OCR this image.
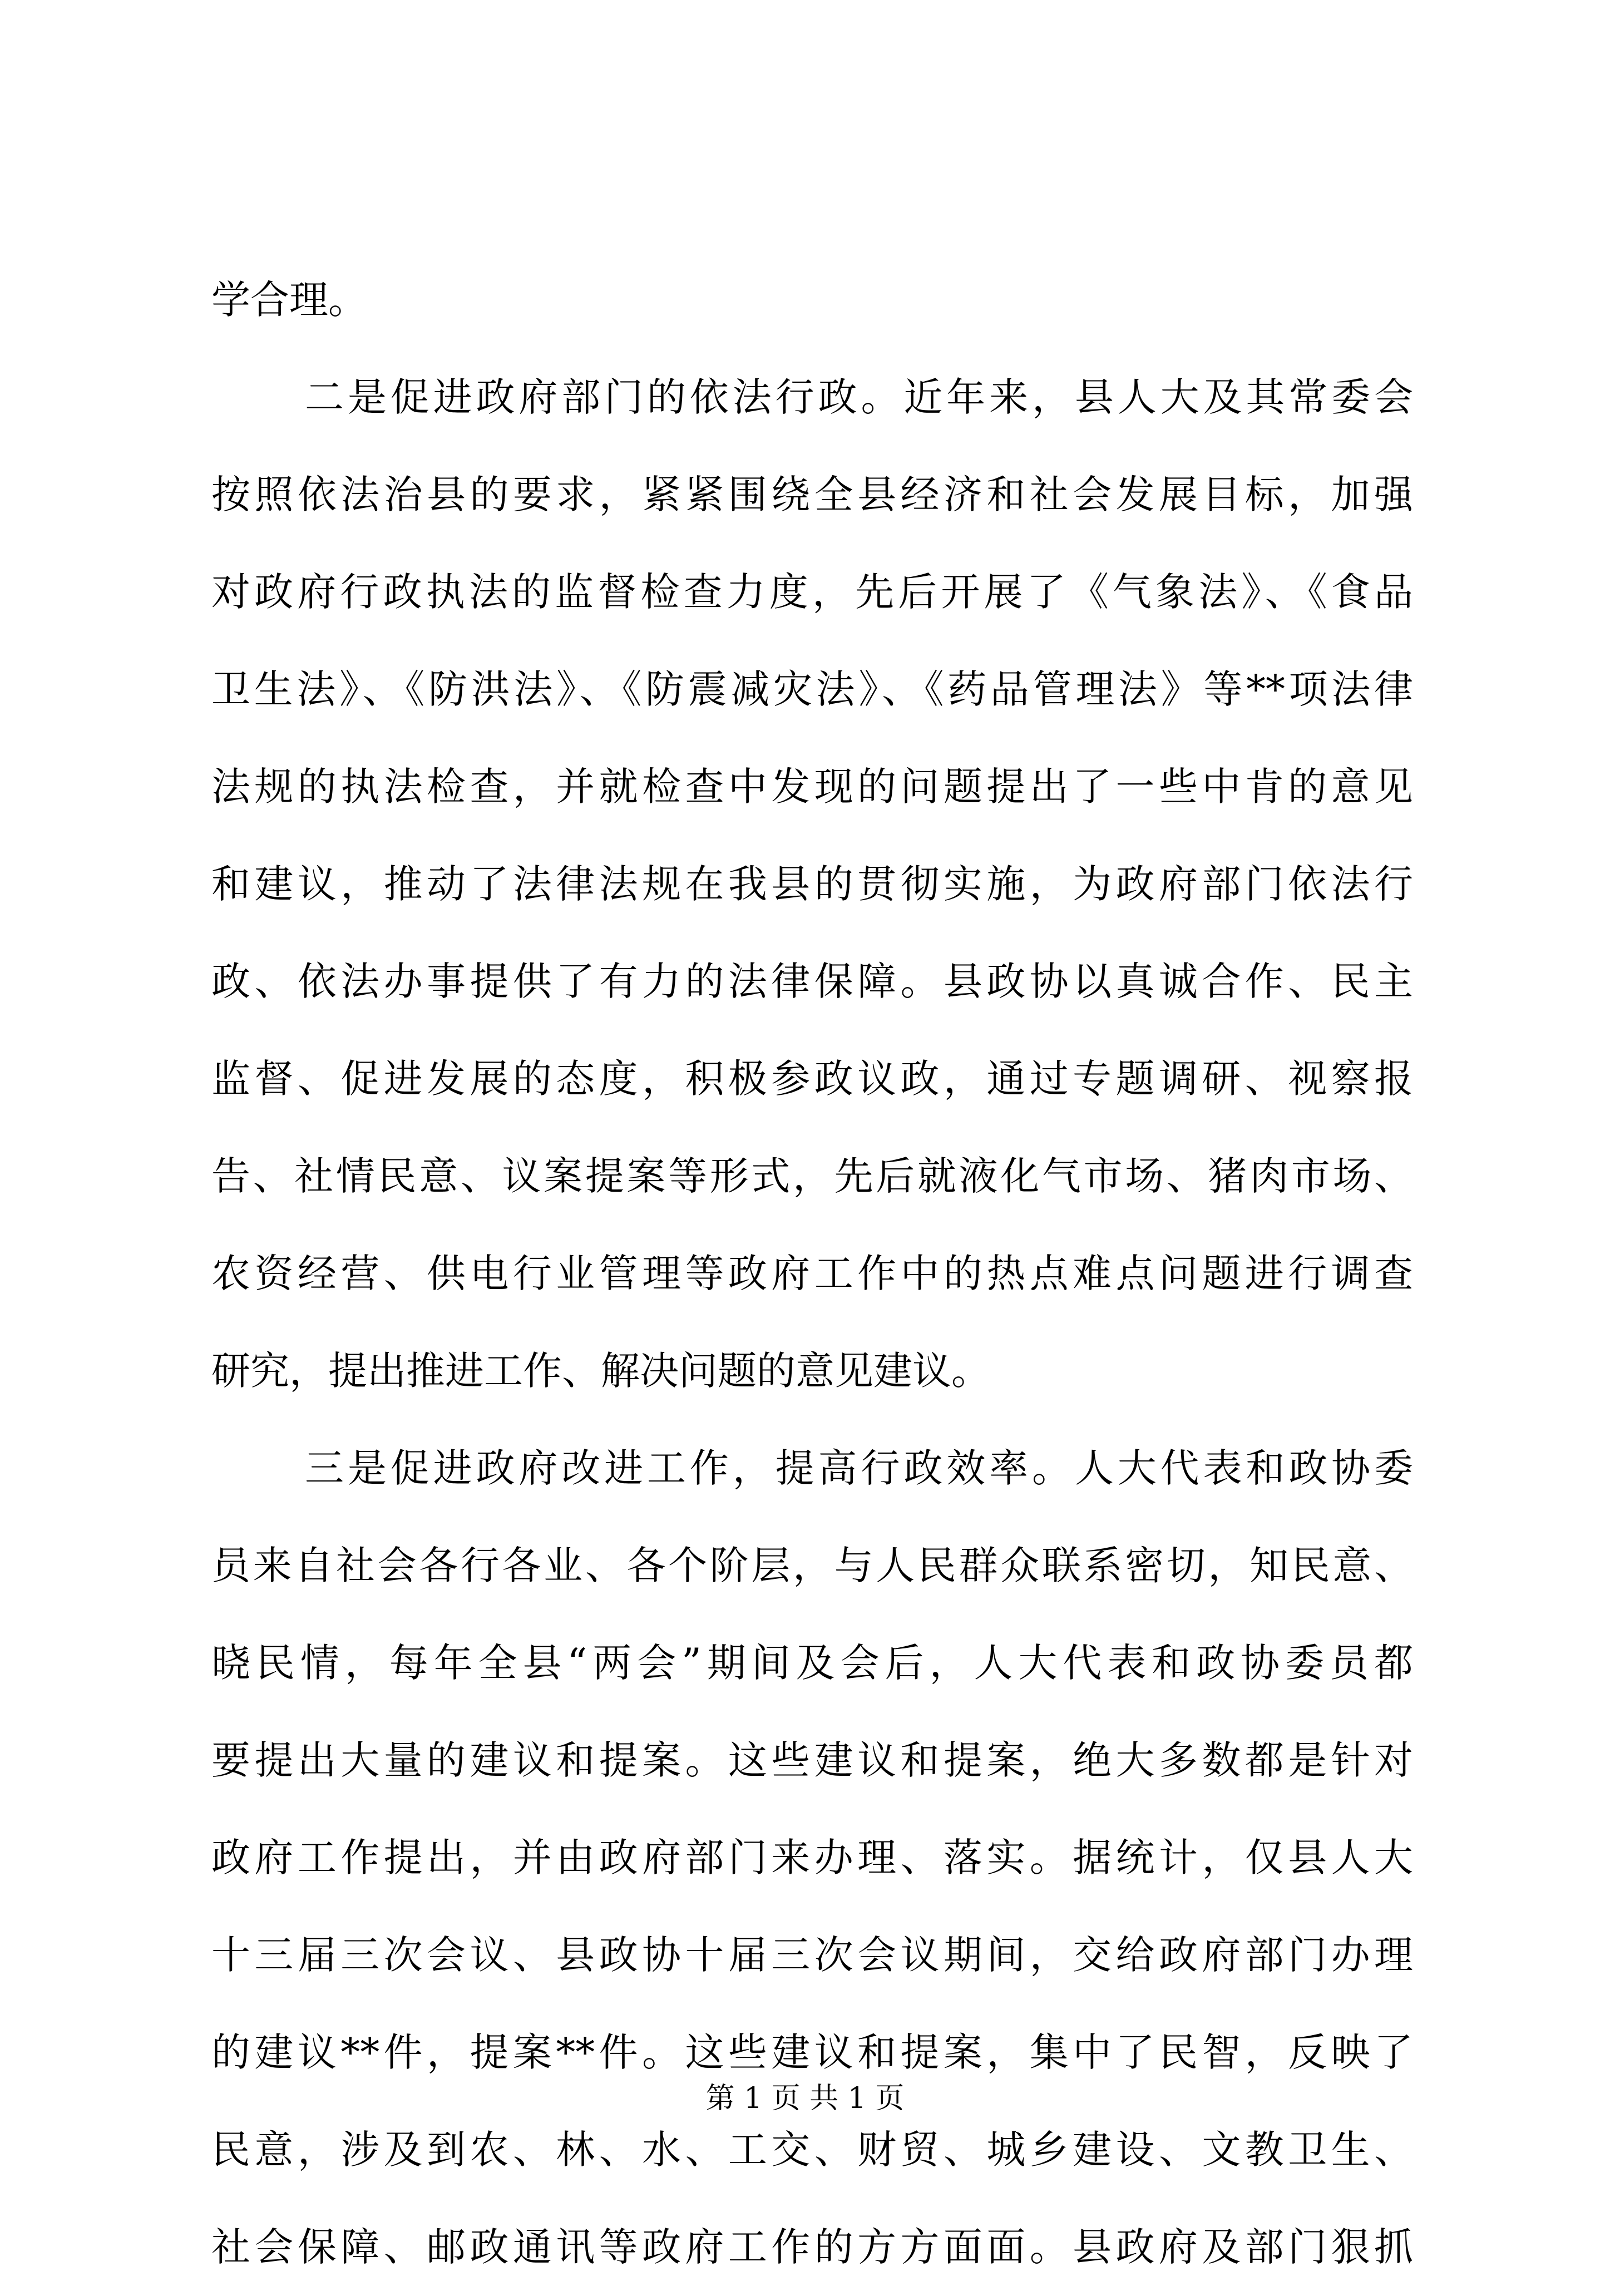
学合理。

二是促进政府部门的依法行政。近年来，县人大及其常委会

按照依法治县的要求，紧紧围绕全县经济和社会发展目标，加强

对政府行政执法的监督检查力度，先后开展了《气象法》、《食品

卫生法》、《防洪法》、《防震减灾法》、《药品管理法》等**项法律

法规的执法检查，并就检查中发现的问题提出了一些中肯的意见

和建议，推动了法律法规在我县的贯彻实施，为政府部门依法行

政、依法办事提供了有力的法律保障。县政协以真诚合作、民主

监督、促进发展的态度，积极参政议政，通过专题调研、视察报

告、社情民意、议案提案等形式，先后就液化气市场、猪肉市场、

农资经营、供电行业管理等政府工作中的热点难点问题进行调查

研究，提出推进工作、解决问题的意见建议。

三是促进政府改进工作，提高行政效率。人大代表和政协委

员来自社会各行各业、各个阶层，与人民群众联系密切，知民意、

晓民情，每年全县“两会”期间及会后，人大代表和政协委员都

要提出大量的建议和提案。这些建议和提案，绝大多数都是针对

政府工作提出，并由政府部门来办理、落实。据统计，仅县人大

十三届三次会议、县政协十届三次会议期间，交给政府部门办理

的建议**件，提案**件。这些建议和提案，集中了民智，反映了

民意，涉及到农、林、水、工交、财贸、城乡建设、文教卫生、

社会保障、邮政通讯等政府工作的方方面面。县政府及部门狠抓

第 1 页 共 1 页
